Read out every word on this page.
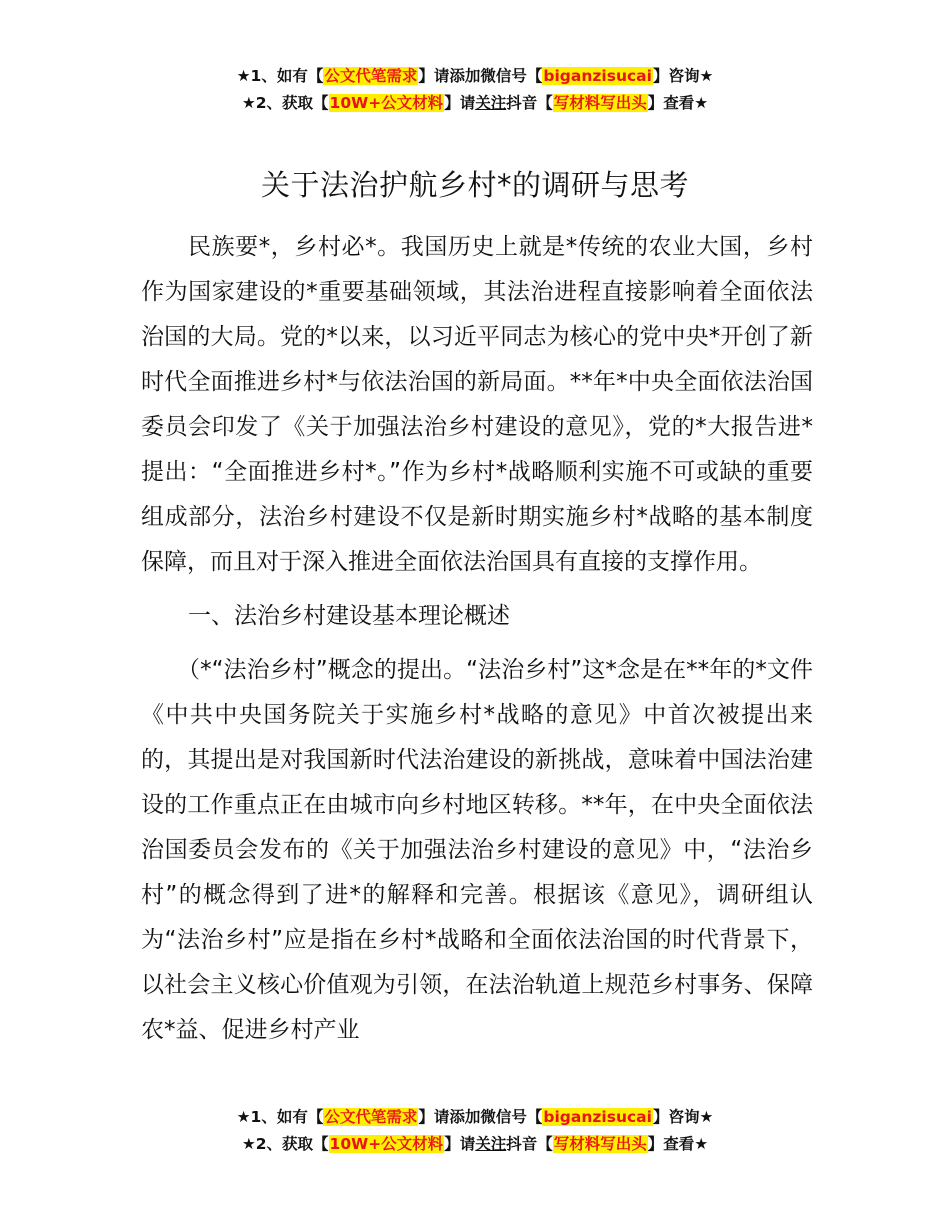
★1、如有【公文代笔需求】请添加微信号【biganzisucai】咨询★
★2、获取【10W+公文材料】请关注抖音【写材料写出头】查看★
关于法治护航乡村*的调研与思考

民族要*，乡村必*。我国历史上就是*传统的农业大国，乡村作为国家建设的*重要基础领域，其法治进程直接影响着全面依法治国的大局。党的*以来，以习近平同志为核心的党中央*开创了新时代全面推进乡村*与依法治国的新局面。**年*中央全面依法治国委员会印发了《关于加强法治乡村建设的意见》，党的*大报告进*提出：“全面推进乡村*。”作为乡村*战略顺利实施不可或缺的重要组成部分，法治乡村建设不仅是新时期实施乡村*战略的基本制度保障，而且对于深入推进全面依法治国具有直接的支撑作用。

一、法治乡村建设基本理论概述

（*“法治乡村”概念的提出。“法治乡村”这*念是在**年的*文件《中共中央国务院关于实施乡村*战略的意见》中首次被提出来的，其提出是对我国新时代法治建设的新挑战，意味着中国法治建设的工作重点正在由城市向乡村地区转移。**年，在中央全面依法治国委员会发布的《关于加强法治乡村建设的意见》中，“法治乡村”的概念得到了进*的解释和完善。根据该《意见》，调研组认为“法治乡村”应是指在乡村*战略和全面依法治国的时代背景下，以社会主义核心价值观为引领，在法治轨道上规范乡村事务、保障农*益、促进乡村产业

★1、如有【公文代笔需求】请添加微信号【biganzisucai】咨询★
★2、获取【10W+公文材料】请关注抖音【写材料写出头】查看★
